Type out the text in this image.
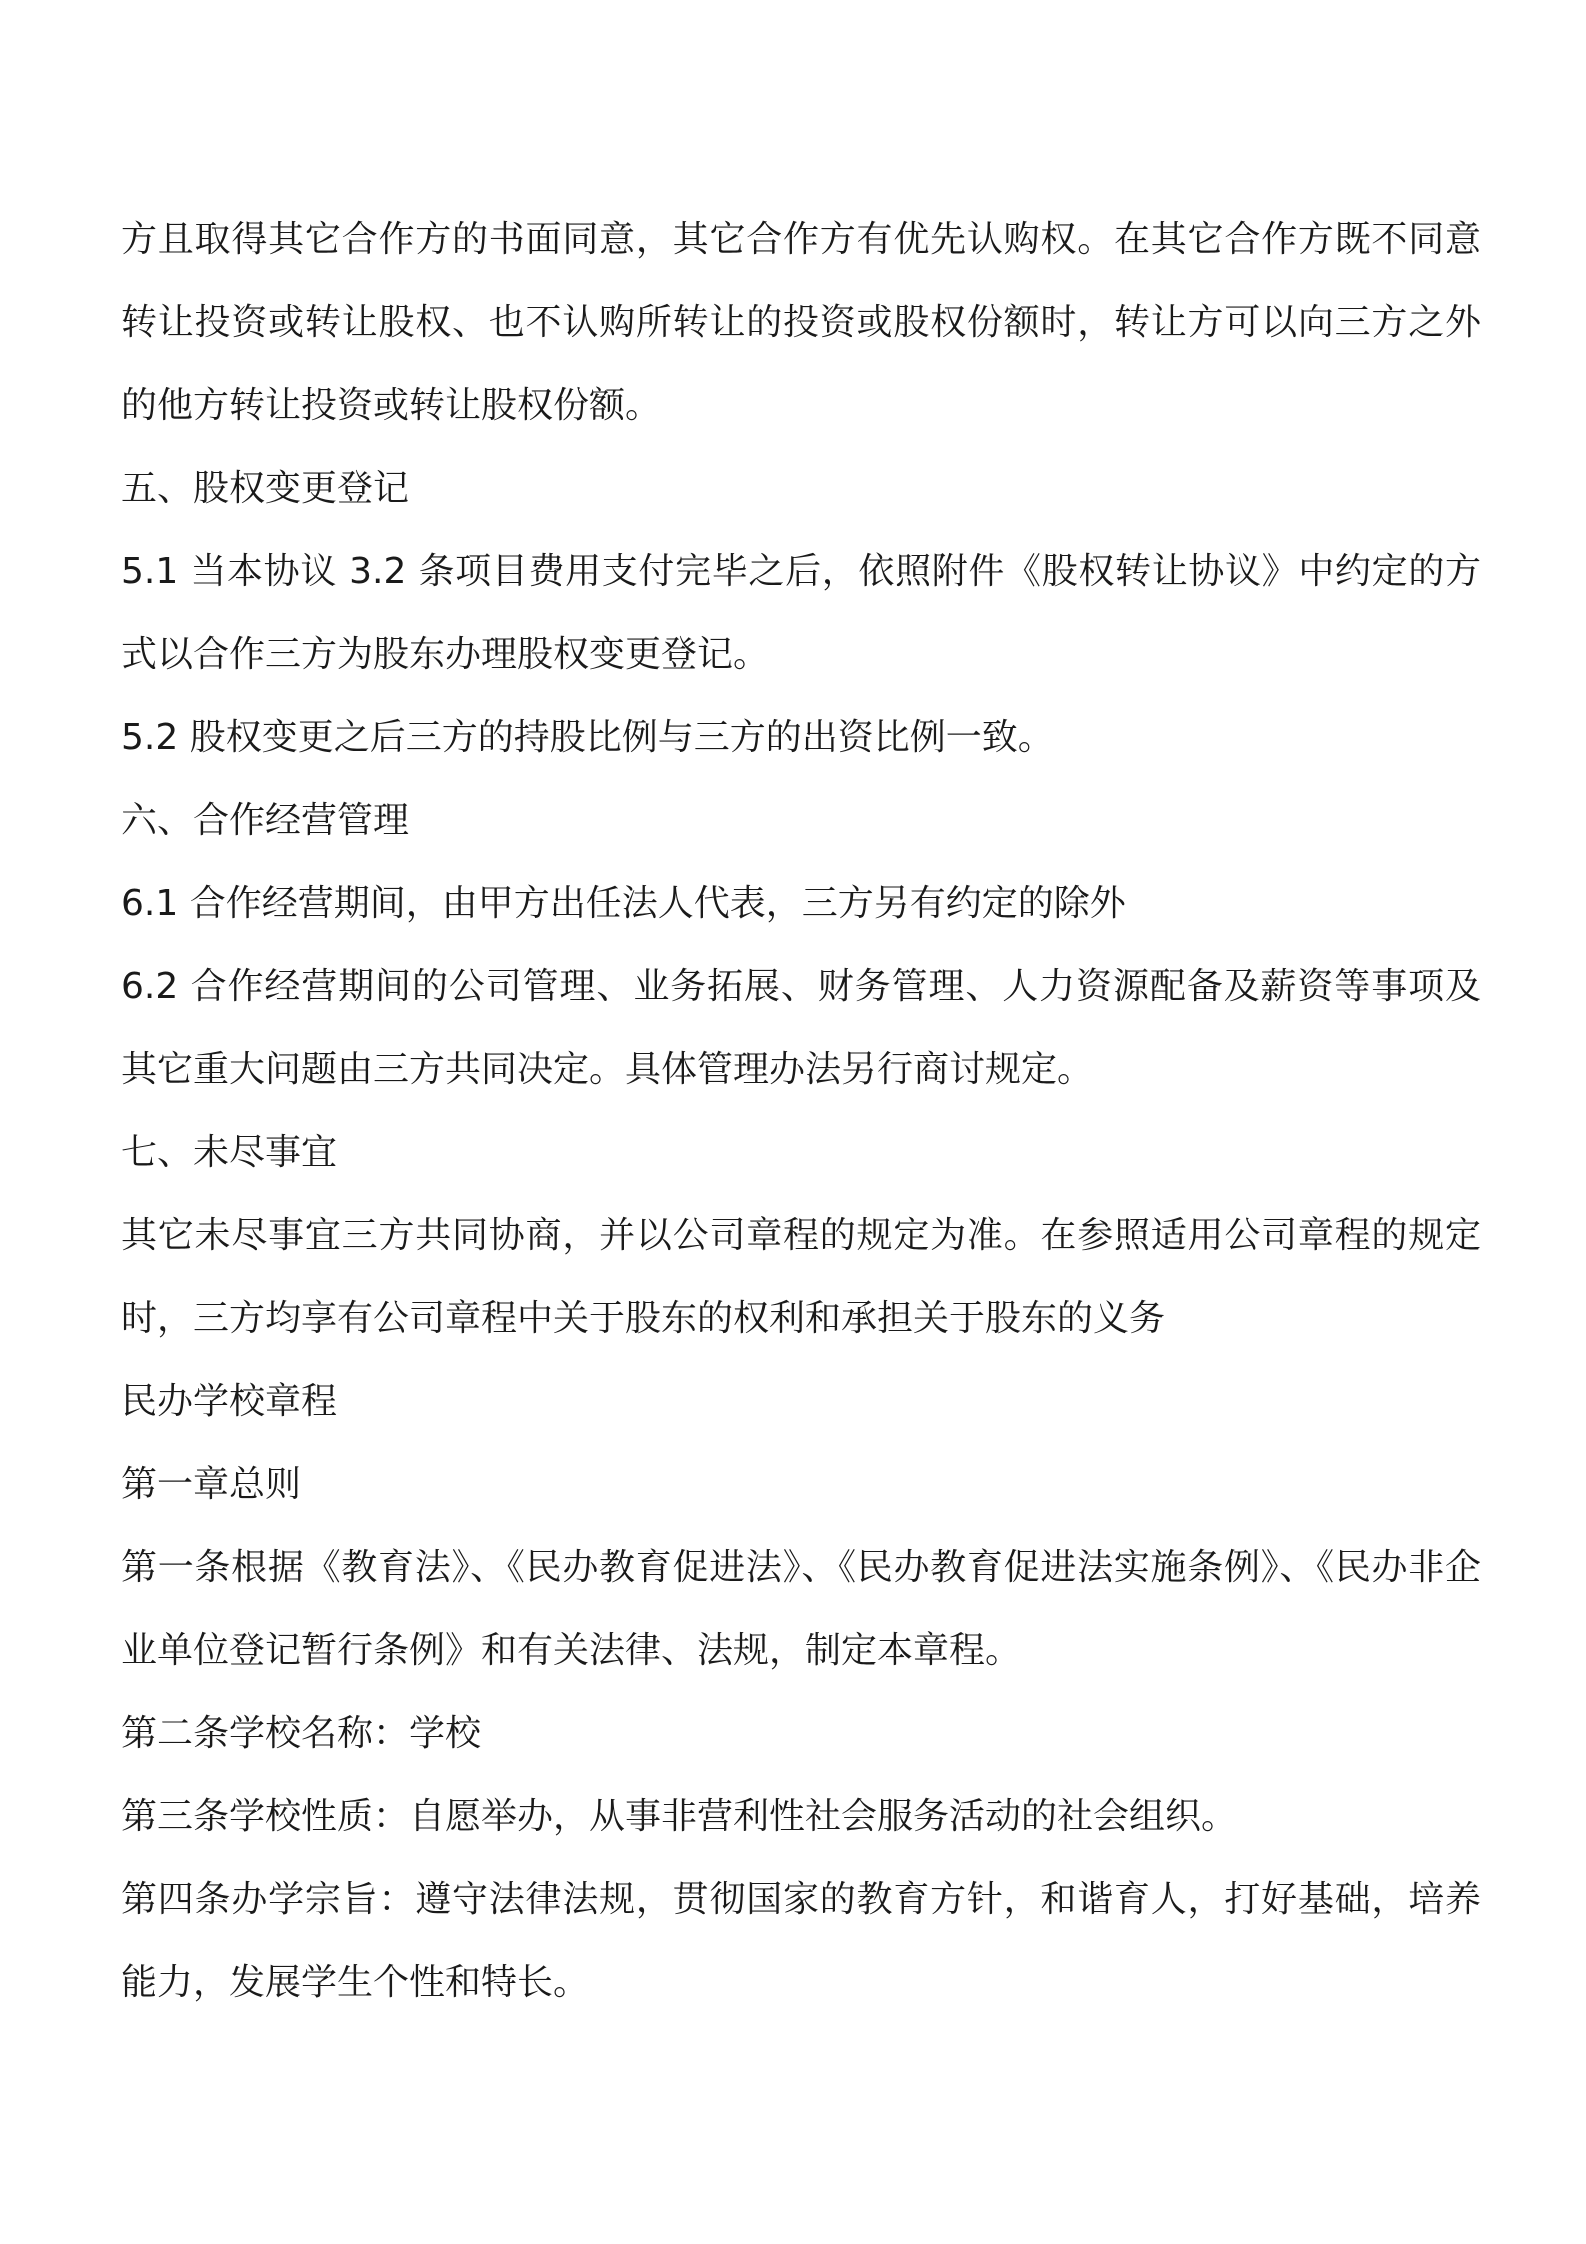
方且取得其它合作方的书面同意，其它合作方有优先认购权。在其它合作方既不同意转让投资或转让股权、也不认购所转让的投资或股权份额时，转让方可以向三方之外的他方转让投资或转让股权份额。

五、股权变更登记

5.1 当本协议 3.2 条项目费用支付完毕之后，依照附件《股权转让协议》中约定的方式以合作三方为股东办理股权变更登记。

5.2 股权变更之后三方的持股比例与三方的出资比例一致。

六、合作经营管理

6.1 合作经营期间，由甲方出任法人代表，三方另有约定的除外

6.2 合作经营期间的公司管理、业务拓展、财务管理、人力资源配备及薪资等事项及其它重大问题由三方共同决定。具体管理办法另行商讨规定。

七、未尽事宜

其它未尽事宜三方共同协商，并以公司章程的规定为准。在参照适用公司章程的规定时，三方均享有公司章程中关于股东的权利和承担关于股东的义务

民办学校章程

第一章总则

第一条根据《教育法》、《民办教育促进法》、《民办教育促进法实施条例》、《民办非企业单位登记暂行条例》和有关法律、法规，制定本章程。

第二条学校名称：学校

第三条学校性质：自愿举办，从事非营利性社会服务活动的社会组织。

第四条办学宗旨：遵守法律法规，贯彻国家的教育方针，和谐育人，打好基础，培养能力，发展学生个性和特长。
